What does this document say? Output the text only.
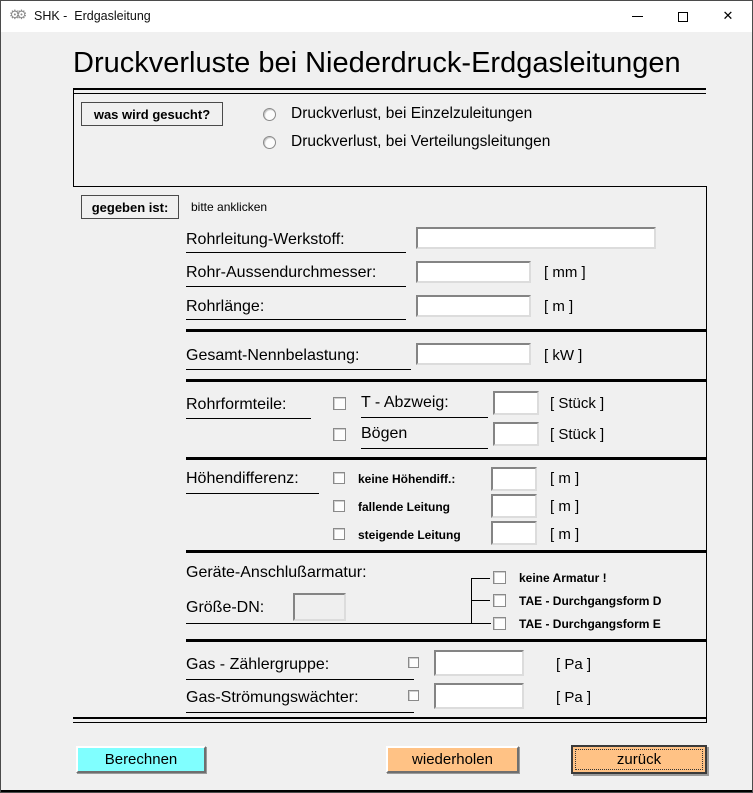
⚙⚙ SHK -  Erdgasleitung	✕
Druckverluste bei Niederdruck-Erdgasleitungen
was wird gesucht?	Druckverlust, bei Einzelzuleitungen
Druckverlust, bei Verteilungsleitungen
gegeben ist:	bitte anklicken
Rohrleitung-Werkstoff:
Rohr-Aussendurchmesser:	[ mm ]
Rohrlänge:	[ m ]
Gesamt-Nennbelastung:	[ kW ]
Rohrformteile:	T - Abzweig:	[ Stück ]
Bögen	[ Stück ]
Höhendifferenz:	keine Höhendiff.:	[ m ]
fallende Leitung	[ m ]
steigende Leitung	[ m ]
Geräte-Anschlußarmatur:
Größe-DN:
keine Armatur !
TAE - Durchgangsform D
TAE - Durchgangsform E
Gas - Zählergruppe:	[ Pa ]
Gas-Strömungswächter:	[ Pa ]
Berechnen	wiederholen	zurück
